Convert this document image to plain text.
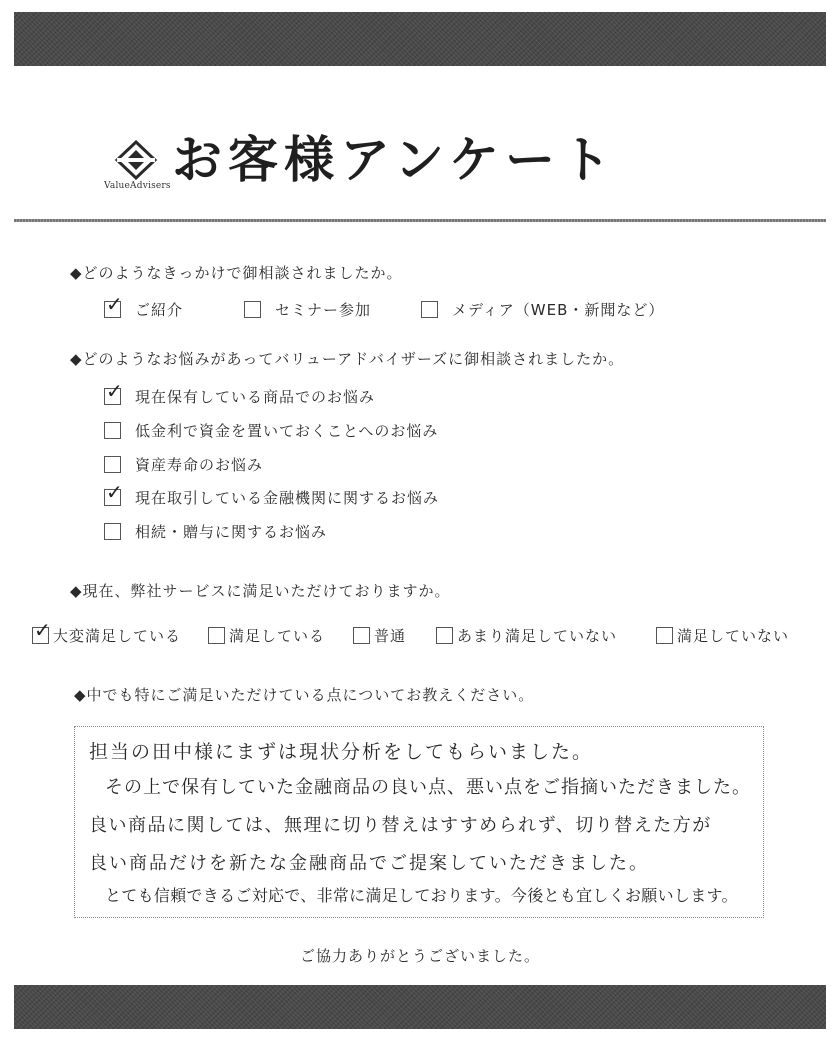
ValueAdvisers お客様アンケート
◆どのようなきっかけで御相談されましたか。
✓ ご紹介	セミナー参加	メディア（WEB・新聞など）
◆どのようなお悩みがあってバリューアドバイザーズに御相談されましたか。
✓ 現在保有している商品でのお悩み
低金利で資金を置いておくことへのお悩み
資産寿命のお悩み
✓ 現在取引している金融機関に関するお悩み
相続・贈与に関するお悩み
◆現在、弊社サービスに満足いただけておりますか。
✓ 大変満足している	満足している	普通	あまり満足していない	満足していない
◆中でも特にご満足いただけている点についてお教えください。
担当の田中様にまずは現状分析をしてもらいました。
その上で保有していた金融商品の良い点、悪い点をご指摘いただきました。
良い商品に関しては、無理に切り替えはすすめられず、切り替えた方が
良い商品だけを新たな金融商品でご提案していただきました。
とても信頼できるご対応で、非常に満足しております。今後とも宜しくお願いします。
ご協力ありがとうございました。
